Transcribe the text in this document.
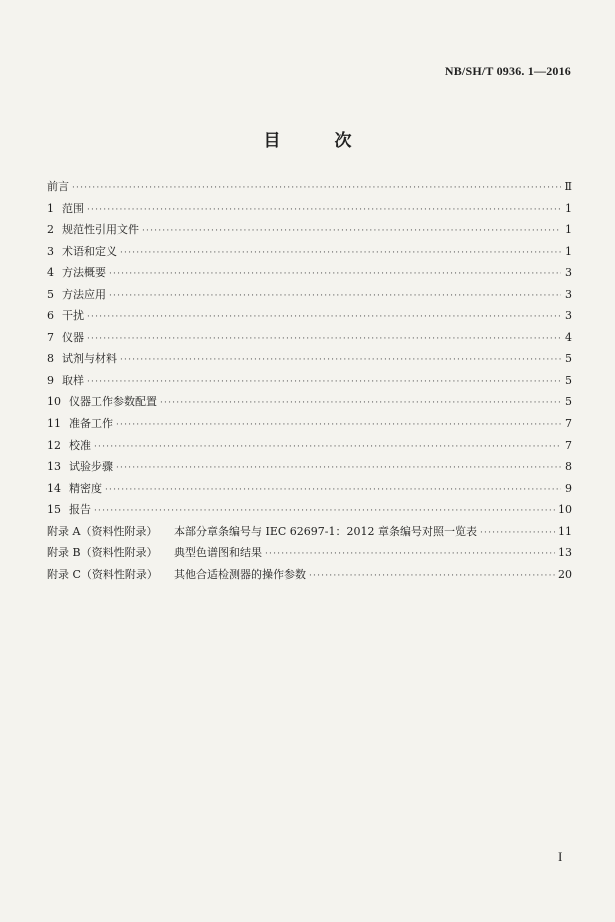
NB/SH/T 0936. 1—2016
目 次
前言 ·····	Ⅱ
1 范围 ·····	1
2 规范性引用文件 ·····	1
3 术语和定义 ·····	1
4 方法概要 ·····	3
5 方法应用 ·····	3
6 干扰 ·····	3
7 仪器 ·····	4
8 试剂与材料 ·····	5
9 取样 ·····	5
10 仪器工作参数配置 ·····	5
11 准备工作 ·····	7
12 校准 ·····	7
13 试验步骤 ·····	8
14 精密度 ·····	9
15 报告 ·····	10
附录 A（资料性附录）	本部分章条编号与 IEC 62697-1：2012 章条编号对照一览表 ·····	11
附录 B（资料性附录）	典型色谱图和结果 ·····	13
附录 C（资料性附录）	其他合适检测器的操作参数 ·····	20
I
